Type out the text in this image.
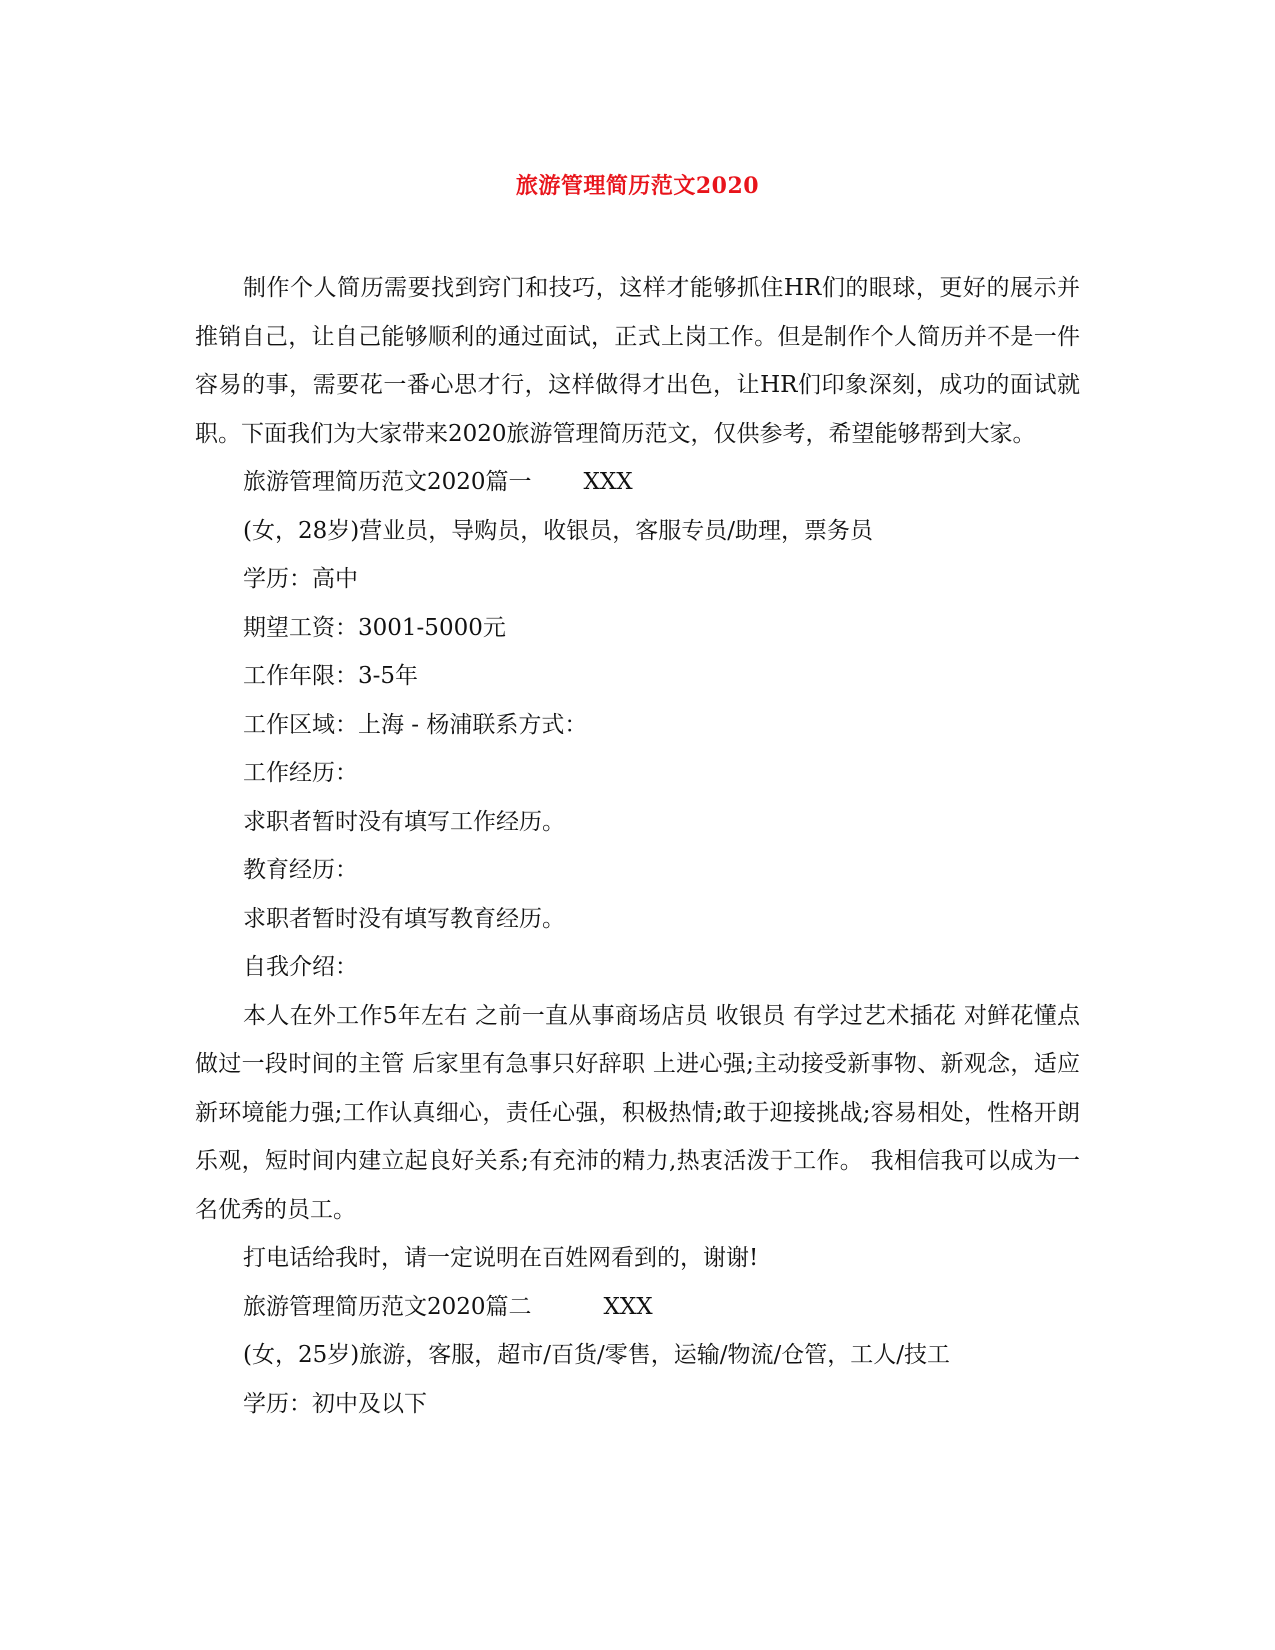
旅游管理简历范文2020

制作个人简历需要找到窍门和技巧，这样才能够抓住HR们的眼球，更好的展示并推销自己，让自己能够顺利的通过面试，正式上岗工作。但是制作个人简历并不是一件容易的事，需要花一番心思才行，这样做得才出色，让HR们印象深刻，成功的面试就职。下面我们为大家带来2020旅游管理简历范文，仅供参考，希望能够帮到大家。

旅游管理简历范文2020篇一 XXX

(女，28岁)营业员，导购员，收银员，客服专员/助理，票务员

学历：高中

期望工资：3001-5000元

工作年限：3-5年

工作区域：上海 - 杨浦联系方式：

工作经历：

求职者暂时没有填写工作经历。

教育经历：

求职者暂时没有填写教育经历。

自我介绍：

本人在外工作5年左右 之前一直从事商场店员 收银员 有学过艺术插花 对鲜花懂点 做过一段时间的主管 后家里有急事只好辞职 上进心强;主动接受新事物、新观念，适应新环境能力强;工作认真细心，责任心强，积极热情;敢于迎接挑战;容易相处，性格开朗乐观，短时间内建立起良好关系;有充沛的精力,热衷活泼于工作。 我相信我可以成为一名优秀的员工。

打电话给我时，请一定说明在百姓网看到的，谢谢!

旅游管理简历范文2020篇二	XXX

(女，25岁)旅游，客服，超市/百货/零售，运输/物流/仓管，工人/技工

学历：初中及以下
